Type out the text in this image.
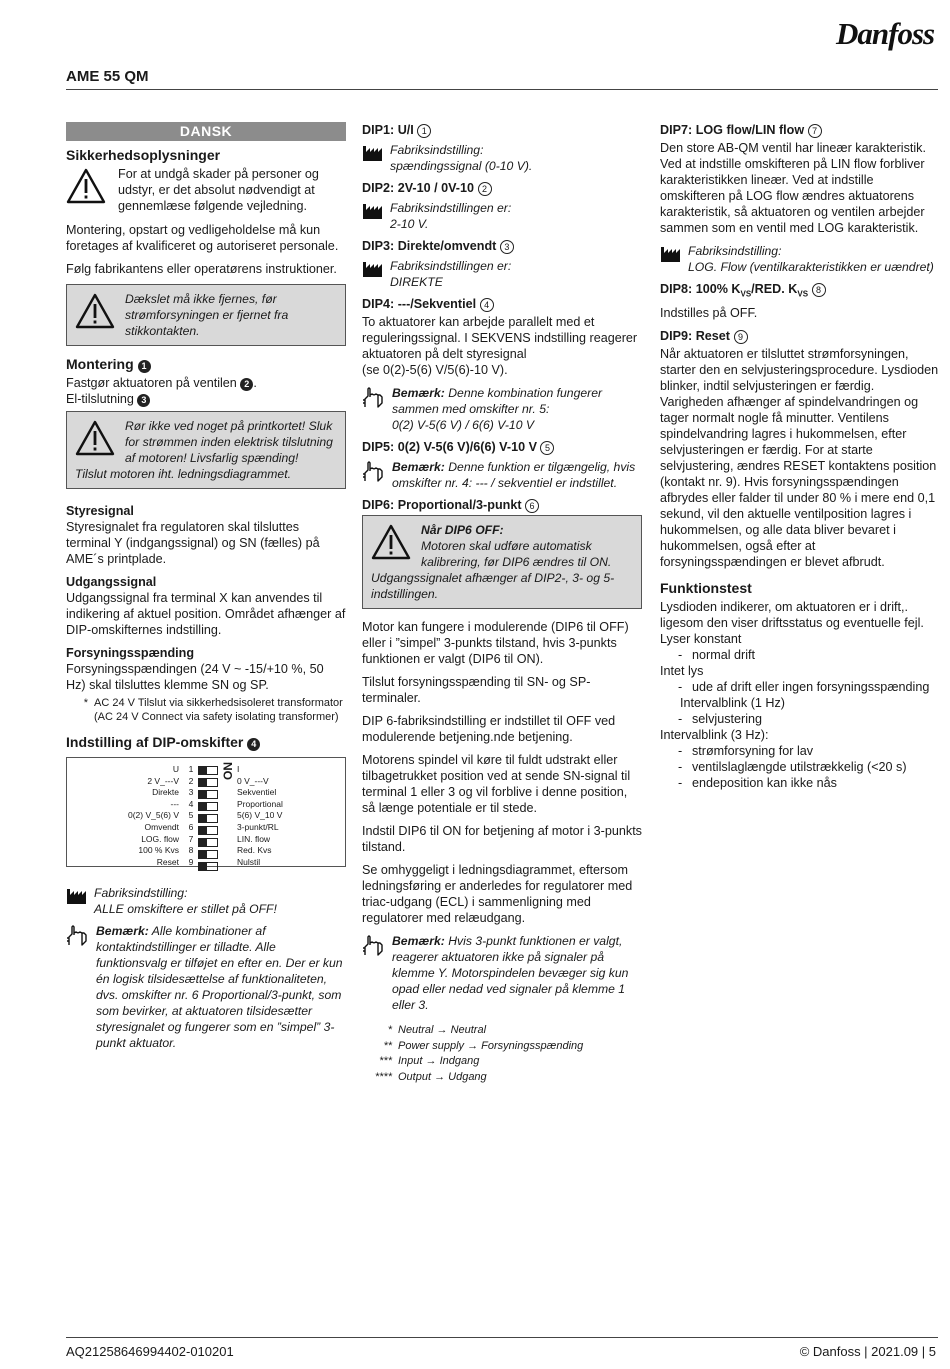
Danfoss
AME 55 QM
DANSK
Sikkerhedsoplysninger
For at undgå skader på personer og udstyr, er det absolut nødvendigt at gennemlæse følgende vejledning.

Montering, opstart og vedligeholdelse må kun foretages af kvalificeret og autoriseret personale.

Følg fabrikantens eller operatørens instruktioner.

Dækslet må ikke fjernes, før strømforsyningen er fjernet fra stikkontakten.
Montering 1
Fastgør aktuatoren på ventilen 2 .
El-tilslutning 3
Rør ikke ved noget på printkortet! Sluk for strømmen inden elektrisk tilslutning af motoren! Livsfarlig spænding!
Tilslut motoren iht. ledningsdiagrammet.
Styresignal

Styresignalet fra regulatoren skal tilsluttes terminal Y (indgangssignal) og SN (fælles) på AME´s printplade.

Udgangssignal

Udgangssignal fra terminal X kan anvendes til indikering af aktuel position. Området afhænger af DIP-omskifternes indstilling.

Forsyningsspænding

Forsyningsspændingen (24 V ~ -15/+10 %, 50 Hz) skal tilsluttes klemme SN og SP.

* AC 24 V Tilslut via sikkerhedsisoleret transformator
(AC 24 V Connect via safety isolating transformer)
Indstilling af DIP-omskifter 4
U
2 V_---V
Direkte
---
0(2) V_5(6) V
Omvendt
LOG. flow
100 % Kvs
Reset
1
2
3
4
5
6
7
8
9
ON I
0 V_---V
Sekventiel
Proportional
5(6) V_10 V
3-punkt/RL
LIN. flow
Red. Kvs
Nulstil
Fabriksindstilling:
ALLE omskiftere er stillet på OFF!
Bemærk: Alle kombinationer af kontaktindstillinger er tilladte. Alle funktionsvalg er tilføjet en efter en. Der er kun én logisk tilsidesættelse af funktionaliteten, dvs. omskifter nr. 6 Proportional/3-punkt, som som bevirker, at aktuatoren tilsidesætter styresignalet og fungerer som en ”simpel” 3-punkt aktuator.
DIP1: U/I 1
Fabriksindstilling:
spændingssignal (0-10 V).
DIP2: 2V-10 / 0V-10 2
Fabriksindstillingen er:
2-10 V.
DIP3: Direkte/omvendt 3
Fabriksindstillingen er:
DIREKTE
DIP4: ---/Sekventiel 4
To aktuatorer kan arbejde parallelt med et reguleringssignal. I SEKVENS indstilling reagerer aktuatoren på delt styresignal

(se 0(2)-5(6) V/5(6)-10 V).

Bemærk: Denne kombination fungerer sammen med omskifter nr. 5:
0(2) V-5(6 V) / 6(6) V-10 V
DIP5: 0(2) V-5(6 V)/6(6) V-10 V 5
Bemærk: Denne funktion er tilgængelig, hvis omskifter nr. 4: --- / sekventiel er indstillet.
DIP6: Proportional/3-punkt 6
Når DIP6 OFF:
Motoren skal udføre automatisk kalibrering, før DIP6 ændres til ON.
Udgangssignalet afhænger af DIP2-, 3- og 5-indstillingen.

Motor kan fungere i modulerende (DIP6 til OFF) eller i ”simpel” 3-punkts tilstand, hvis 3-punkts funktionen er valgt (DIP6 til ON).

Tilslut forsyningsspænding til SN- og SP-terminaler.

DIP 6-fabriksindstilling er indstillet til OFF ved modulerende betjening.nde betjening.

Motorens spindel vil køre til fuldt udstrakt eller tilbagetrukket position ved at sende SN-signal til terminal 1 eller 3 og vil forblive i denne position, så længe potentiale er til stede.

Indstil DIP6 til ON for betjening af motor i 3-punkts tilstand.

Se omhyggeligt i ledningsdiagrammet, eftersom ledningsføring er anderledes for regulatorer med triac-udgang (ECL) i sammenligning med regulatorer med relæudgang.

Bemærk: Hvis 3-punkt funktionen er valgt, reagerer aktuatoren ikke på signaler på klemme Y. Motorspindelen bevæger sig kun opad eller nedad ved signaler på klemme 1 eller 3.
* Neutral → Neutral
** Power supply → Forsyningsspænding
*** Input → Indgang
**** Output → Udgang
DIP7: LOG flow/LIN flow 7

Den store AB-QM ventil har lineær karakteristik. Ved at indstille omskifteren på LIN flow forbliver karakteristikken lineær. Ved at indstille omskifteren på LOG flow ændres aktuatorens karakteristik, så aktuatoren og ventilen arbejder sammen som en ventil med LOG karakteristik.

Fabriksindstilling:
LOG. Flow (ventilkarakteristikken er uændret)
DIP8: 100% $K_{VS}$/RED. $K_{VS}$ 8

Indstilles på OFF.

DIP9: Reset 9

Når aktuatoren er tilsluttet strømforsyningen, starter den en selvjusteringsprocedure. Lysdioden blinker, indtil selvjusteringen er færdig. Varigheden afhænger af spindelvandringen og tager normalt nogle få minutter. Ventilens spindelvandring lagres i hukommelsen, efter selvjusteringen er færdig. For at starte selvjustering, ændres RESET kontaktens position (kontakt nr. 9). Hvis forsyningsspændingen afbrydes eller falder til under 80 % i mere end 0,1 sekund, vil den aktuelle ventilposition lagres i hukommelsen, og alle data bliver bevaret i hukommelsen, også efter at forsyningsspændingen er blevet afbrudt.

Funktionstest
Lysdioden indikerer, om aktuatoren er i drift,. ligesom den viser driftsstatus og eventuelle fejl.
Lyser konstant
- normal drift
Intet lys
- ude af drift eller ingen forsyningsspænding
Intervalblink (1 Hz)
- selvjustering
Intervalblink (3 Hz):
- strømforsyning for lav
- ventilslaglængde utilstrækkelig (<20 s)
- endeposition kan ikke nås
AQ21258646994402-010201	© Danfoss | 2021.09 | 5
